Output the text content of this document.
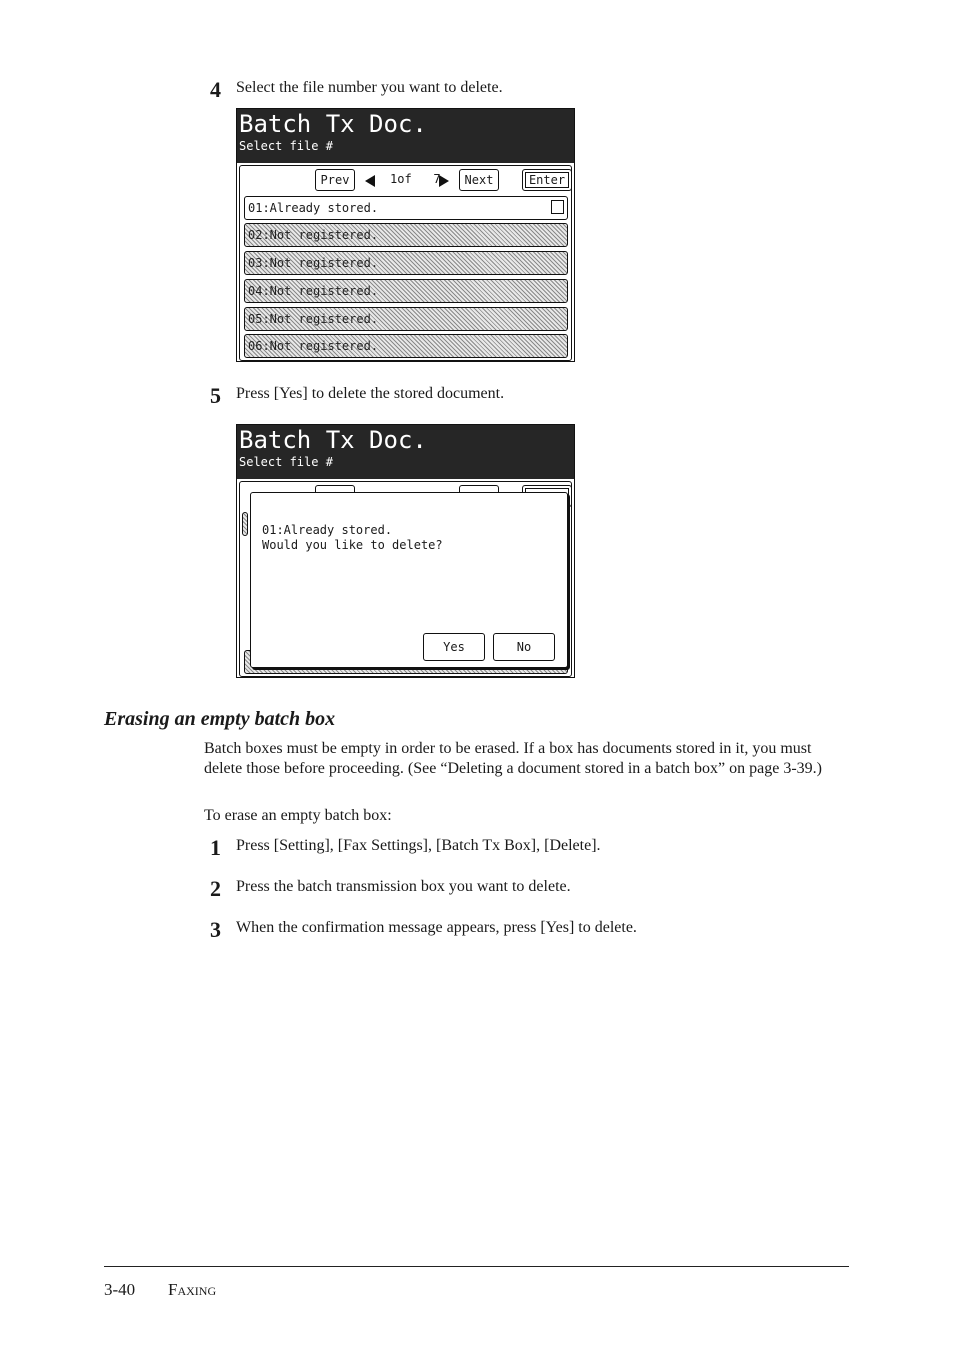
4 Select the file number you want to delete.
Batch Tx Doc.
Select file #
Prev	1of   7	Next	Enter
01:Already stored.
02:Not registered.
03:Not registered.
04:Not registered.
05:Not registered.
06:Not registered.
5 Press [Yes] to delete the stored document.
Batch Tx Doc.
Select file #
01:Already stored.
Would you like to delete?
Yes	No
Erasing an empty batch box
Batch boxes must be empty in order to be erased. If a box has documents stored in it, you must delete those before proceeding. (See “Deleting a document stored in a batch box” on page 3-39.)
To erase an empty batch box:
1 Press [Setting], [Fax Settings], [Batch Tx Box], [Delete].
2 Press the batch transmission box you want to delete.
3 When the confirmation message appears, press [Yes] to delete.
3-40 Faxing
